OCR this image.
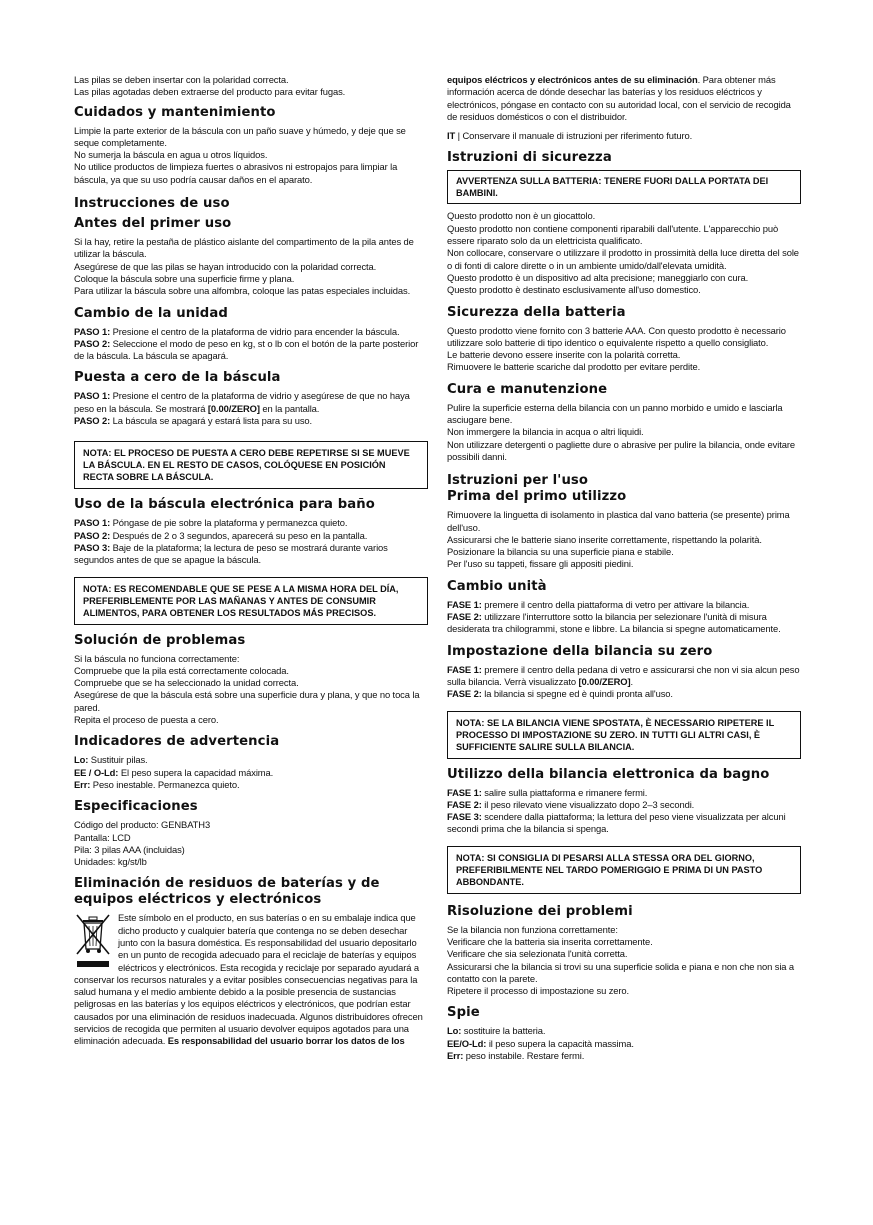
Las pilas se deben insertar con la polaridad correcta.

Las pilas agotadas deben extraerse del producto para evitar fugas.

Cuidados y mantenimiento

Limpie la parte exterior de la báscula con un paño suave y húmedo, y deje que se seque completamente.

No sumerja la báscula en agua u otros líquidos.

No utilice productos de limpieza fuertes o abrasivos ni estropajos para limpiar la báscula, ya que su uso podría causar daños en el aparato.

Instrucciones de uso
Antes del primer uso

Si la hay, retire la pestaña de plástico aislante del compartimento de la pila antes de utilizar la báscula.

Asegúrese de que las pilas se hayan introducido con la polaridad correcta.

Coloque la báscula sobre una superficie firme y plana.

Para utilizar la báscula sobre una alfombra, coloque las patas especiales incluidas.

Cambio de la unidad

PASO 1: Presione el centro de la plataforma de vidrio para encender la báscula.

PASO 2: Seleccione el modo de peso en kg, st o lb con el botón de la parte posterior de la báscula. La báscula se apagará.

Puesta a cero de la báscula

PASO 1: Presione el centro de la plataforma de vidrio y asegúrese de que no haya peso en la báscula. Se mostrará [0.00/ZERO] en la pantalla.

PASO 2: La báscula se apagará y estará lista para su uso.

NOTA: EL PROCESO DE PUESTA A CERO DEBE REPETIRSE SI SE MUEVE LA BÁSCULA. EN EL RESTO DE CASOS, COLÓQUESE EN POSICIÓN RECTA SOBRE LA BÁSCULA.
Uso de la báscula electrónica para baño

PASO 1: Póngase de pie sobre la plataforma y permanezca quieto.

PASO 2: Después de 2 o 3 segundos, aparecerá su peso en la pantalla.

PASO 3: Baje de la plataforma; la lectura de peso se mostrará durante varios segundos antes de que se apague la báscula.

NOTA: ES RECOMENDABLE QUE SE PESE A LA MISMA HORA DEL DÍA, PREFERIBLEMENTE POR LAS MAÑANAS Y ANTES DE CONSUMIR ALIMENTOS, PARA OBTENER LOS RESULTADOS MÁS PRECISOS.
Solución de problemas

Si la báscula no funciona correctamente:

Compruebe que la pila está correctamente colocada.

Compruebe que se ha seleccionado la unidad correcta.

Asegúrese de que la báscula está sobre una superficie dura y plana, y que no toca la pared.

Repita el proceso de puesta a cero.

Indicadores de advertencia

Lo: Sustituir pilas.

EE / O-Ld: El peso supera la capacidad máxima.

Err: Peso inestable. Permanezca quieto.

Especificaciones

Código del producto: GENBATH3

Pantalla: LCD

Pila: 3 pilas AAA (incluidas)

Unidades: kg/st/lb

Eliminación de residuos de baterías y de equipos eléctricos y electrónicos

Este símbolo en el producto, en sus baterías o en su embalaje indica que dicho producto y cualquier batería que contenga no se deben desechar junto con la basura doméstica. Es responsabilidad del usuario depositarlo en un punto de recogida adecuado para el reciclaje de baterías y equipos eléctricos y electrónicos. Esta recogida y reciclaje por separado ayudará a

conservar los recursos naturales y a evitar posibles consecuencias negativas para la salud humana y el medio ambiente debido a la posible presencia de sustancias peligrosas en las baterías y los equipos eléctricos y electrónicos, que podrían estar causados por una eliminación de residuos inadecuada. Algunos distribuidores ofrecen servicios de recogida que permiten al usuario devolver equipos agotados para una eliminación adecuada. Es responsabilidad del usuario borrar los datos de los

equipos eléctricos y electrónicos antes de su eliminación. Para obtener más información acerca de dónde desechar las baterías y los residuos eléctricos y electrónicos, póngase en contacto con su autoridad local, con el servicio de recogida de residuos domésticos o con el distribuidor.

IT | Conservare il manuale di istruzioni per riferimento futuro.

Istruzioni di sicurezza
AVVERTENZA SULLA BATTERIA: TENERE FUORI DALLA PORTATA DEI BAMBINI.

Questo prodotto non è un giocattolo.

Questo prodotto non contiene componenti riparabili dall'utente. L'apparecchio può essere riparato solo da un elettricista qualificato.

Non collocare, conservare o utilizzare il prodotto in prossimità della luce diretta del sole o di fonti di calore dirette o in un ambiente umido/dall'elevata umidità.

Questo prodotto è un dispositivo ad alta precisione; maneggiarlo con cura.

Questo prodotto è destinato esclusivamente all'uso domestico.

Sicurezza della batteria

Questo prodotto viene fornito con 3 batterie AAA. Con questo prodotto è necessario utilizzare solo batterie di tipo identico o equivalente rispetto a quello consigliato.

Le batterie devono essere inserite con la polarità corretta.

Rimuovere le batterie scariche dal prodotto per evitare perdite.

Cura e manutenzione

Pulire la superficie esterna della bilancia con un panno morbido e umido e lasciarla asciugare bene.

Non immergere la bilancia in acqua o altri liquidi.

Non utilizzare detergenti o pagliette dure o abrasive per pulire la bilancia, onde evitare possibili danni.

Istruzioni per l'uso
Prima del primo utilizzo

Rimuovere la linguetta di isolamento in plastica dal vano batteria (se presente) prima dell'uso.

Assicurarsi che le batterie siano inserite correttamente, rispettando la polarità.

Posizionare la bilancia su una superficie piana e stabile.

Per l'uso su tappeti, fissare gli appositi piedini.

Cambio unità

FASE 1: premere il centro della piattaforma di vetro per attivare la bilancia.

FASE 2: utilizzare l'interruttore sotto la bilancia per selezionare l'unità di misura desiderata tra chilogrammi, stone e libbre. La bilancia si spegne automaticamente.

Impostazione della bilancia su zero

FASE 1: premere il centro della pedana di vetro e assicurarsi che non vi sia alcun peso sulla bilancia. Verrà visualizzato [0.00/ZERO].

FASE 2: la bilancia si spegne ed è quindi pronta all'uso.

NOTA: SE LA BILANCIA VIENE SPOSTATA, È NECESSARIO RIPETERE IL PROCESSO DI IMPOSTAZIONE SU ZERO. IN TUTTI GLI ALTRI CASI, È SUFFICIENTE SALIRE SULLA BILANCIA.
Utilizzo della bilancia elettronica da bagno

FASE 1: salire sulla piattaforma e rimanere fermi.

FASE 2: il peso rilevato viene visualizzato dopo 2–3 secondi.

FASE 3: scendere dalla piattaforma; la lettura del peso viene visualizzata per alcuni secondi prima che la bilancia si spenga.

NOTA: SI CONSIGLIA DI PESARSI ALLA STESSA ORA DEL GIORNO, PREFERIBILMENTE NEL TARDO POMERIGGIO E PRIMA DI UN PASTO ABBONDANTE.
Risoluzione dei problemi

Se la bilancia non funziona correttamente:

Verificare che la batteria sia inserita correttamente.

Verificare che sia selezionata l'unità corretta.

Assicurarsi che la bilancia si trovi su una superficie solida e piana e non che non sia a contatto con la parete.

Ripetere il processo di impostazione su zero.

Spie

Lo: sostituire la batteria.

EE/O-Ld: il peso supera la capacità massima.

Err: peso instabile. Restare fermi.
